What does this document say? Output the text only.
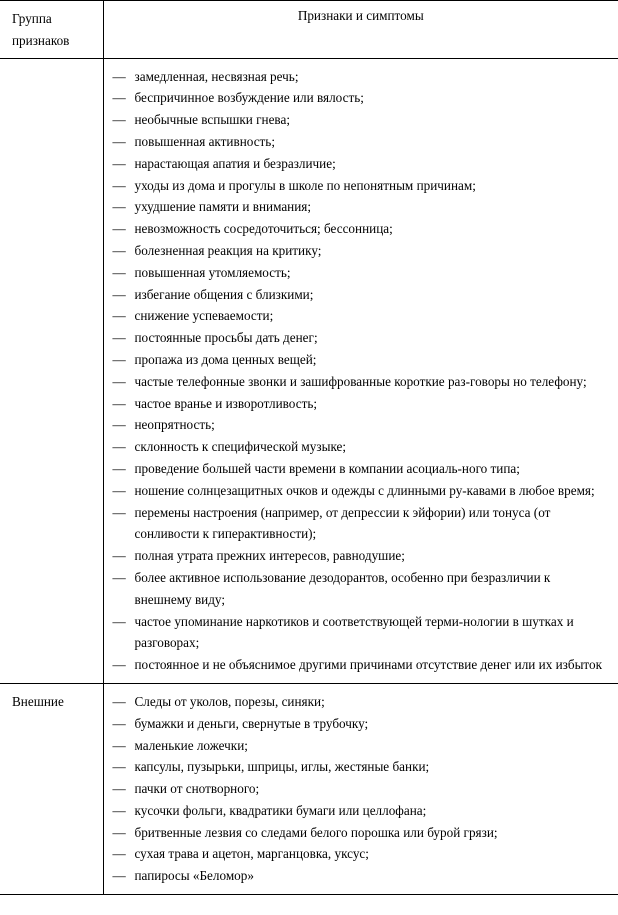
Группа
признаков	Признаки и симптомы

— замедленная, несвязная речь;
— беспричинное возбуждение или вялость;
— необычные вспышки гнева;
— повышенная активность;
— нарастающая апатия и безразличие;
— уходы из дома и прогулы в школе по непонятным причинам;
— ухудшение памяти и внимания;
— невозможность сосредоточиться; бессонница;
— болезненная реакция на критику;
— повышенная утомляемость;
— избегание общения с близкими;
— снижение успеваемости;
— постоянные просьбы дать денег;
— пропажа из дома ценных вещей;
— частые телефонные звонки и зашифрованные короткие раз-говоры но телефону;
— частое вранье и изворотливость;
— неопрятность;
— склонность к специфической музыке;
— проведение большей части времени в компании асоциаль-ного типа;
— ношение солнцезащитных очков и одежды с длинными ру-кавами в любое время;
— перемены настроения (например, от депрессии к эйфории) или тонуса (от сонливости к гиперактивности);
— полная утрата прежних интересов, равнодушие;
— более активное использование дезодорантов, особенно при безразличии к внешнему виду;
— частое упоминание наркотиков и соответствующей терми-нологии в шутках и разговорах;
— постоянное и не объяснимое другими причинами отсутствие денег или их избыток

Внешние

—Следы от уколов, порезы, синяки;
— бумажки и деньги, свернутые в трубочку;
— маленькие ложечки;
— капсулы, пузырьки, шприцы, иглы, жестяные банки;
— пачки от снотворного;
— кусочки фольги, квадратики бумаги или целлофана;
— бритвенные лезвия со следами белого порошка или бурой грязи;
— сухая трава и ацетон, марганцовка, уксус;
— папиросы «Беломор»
